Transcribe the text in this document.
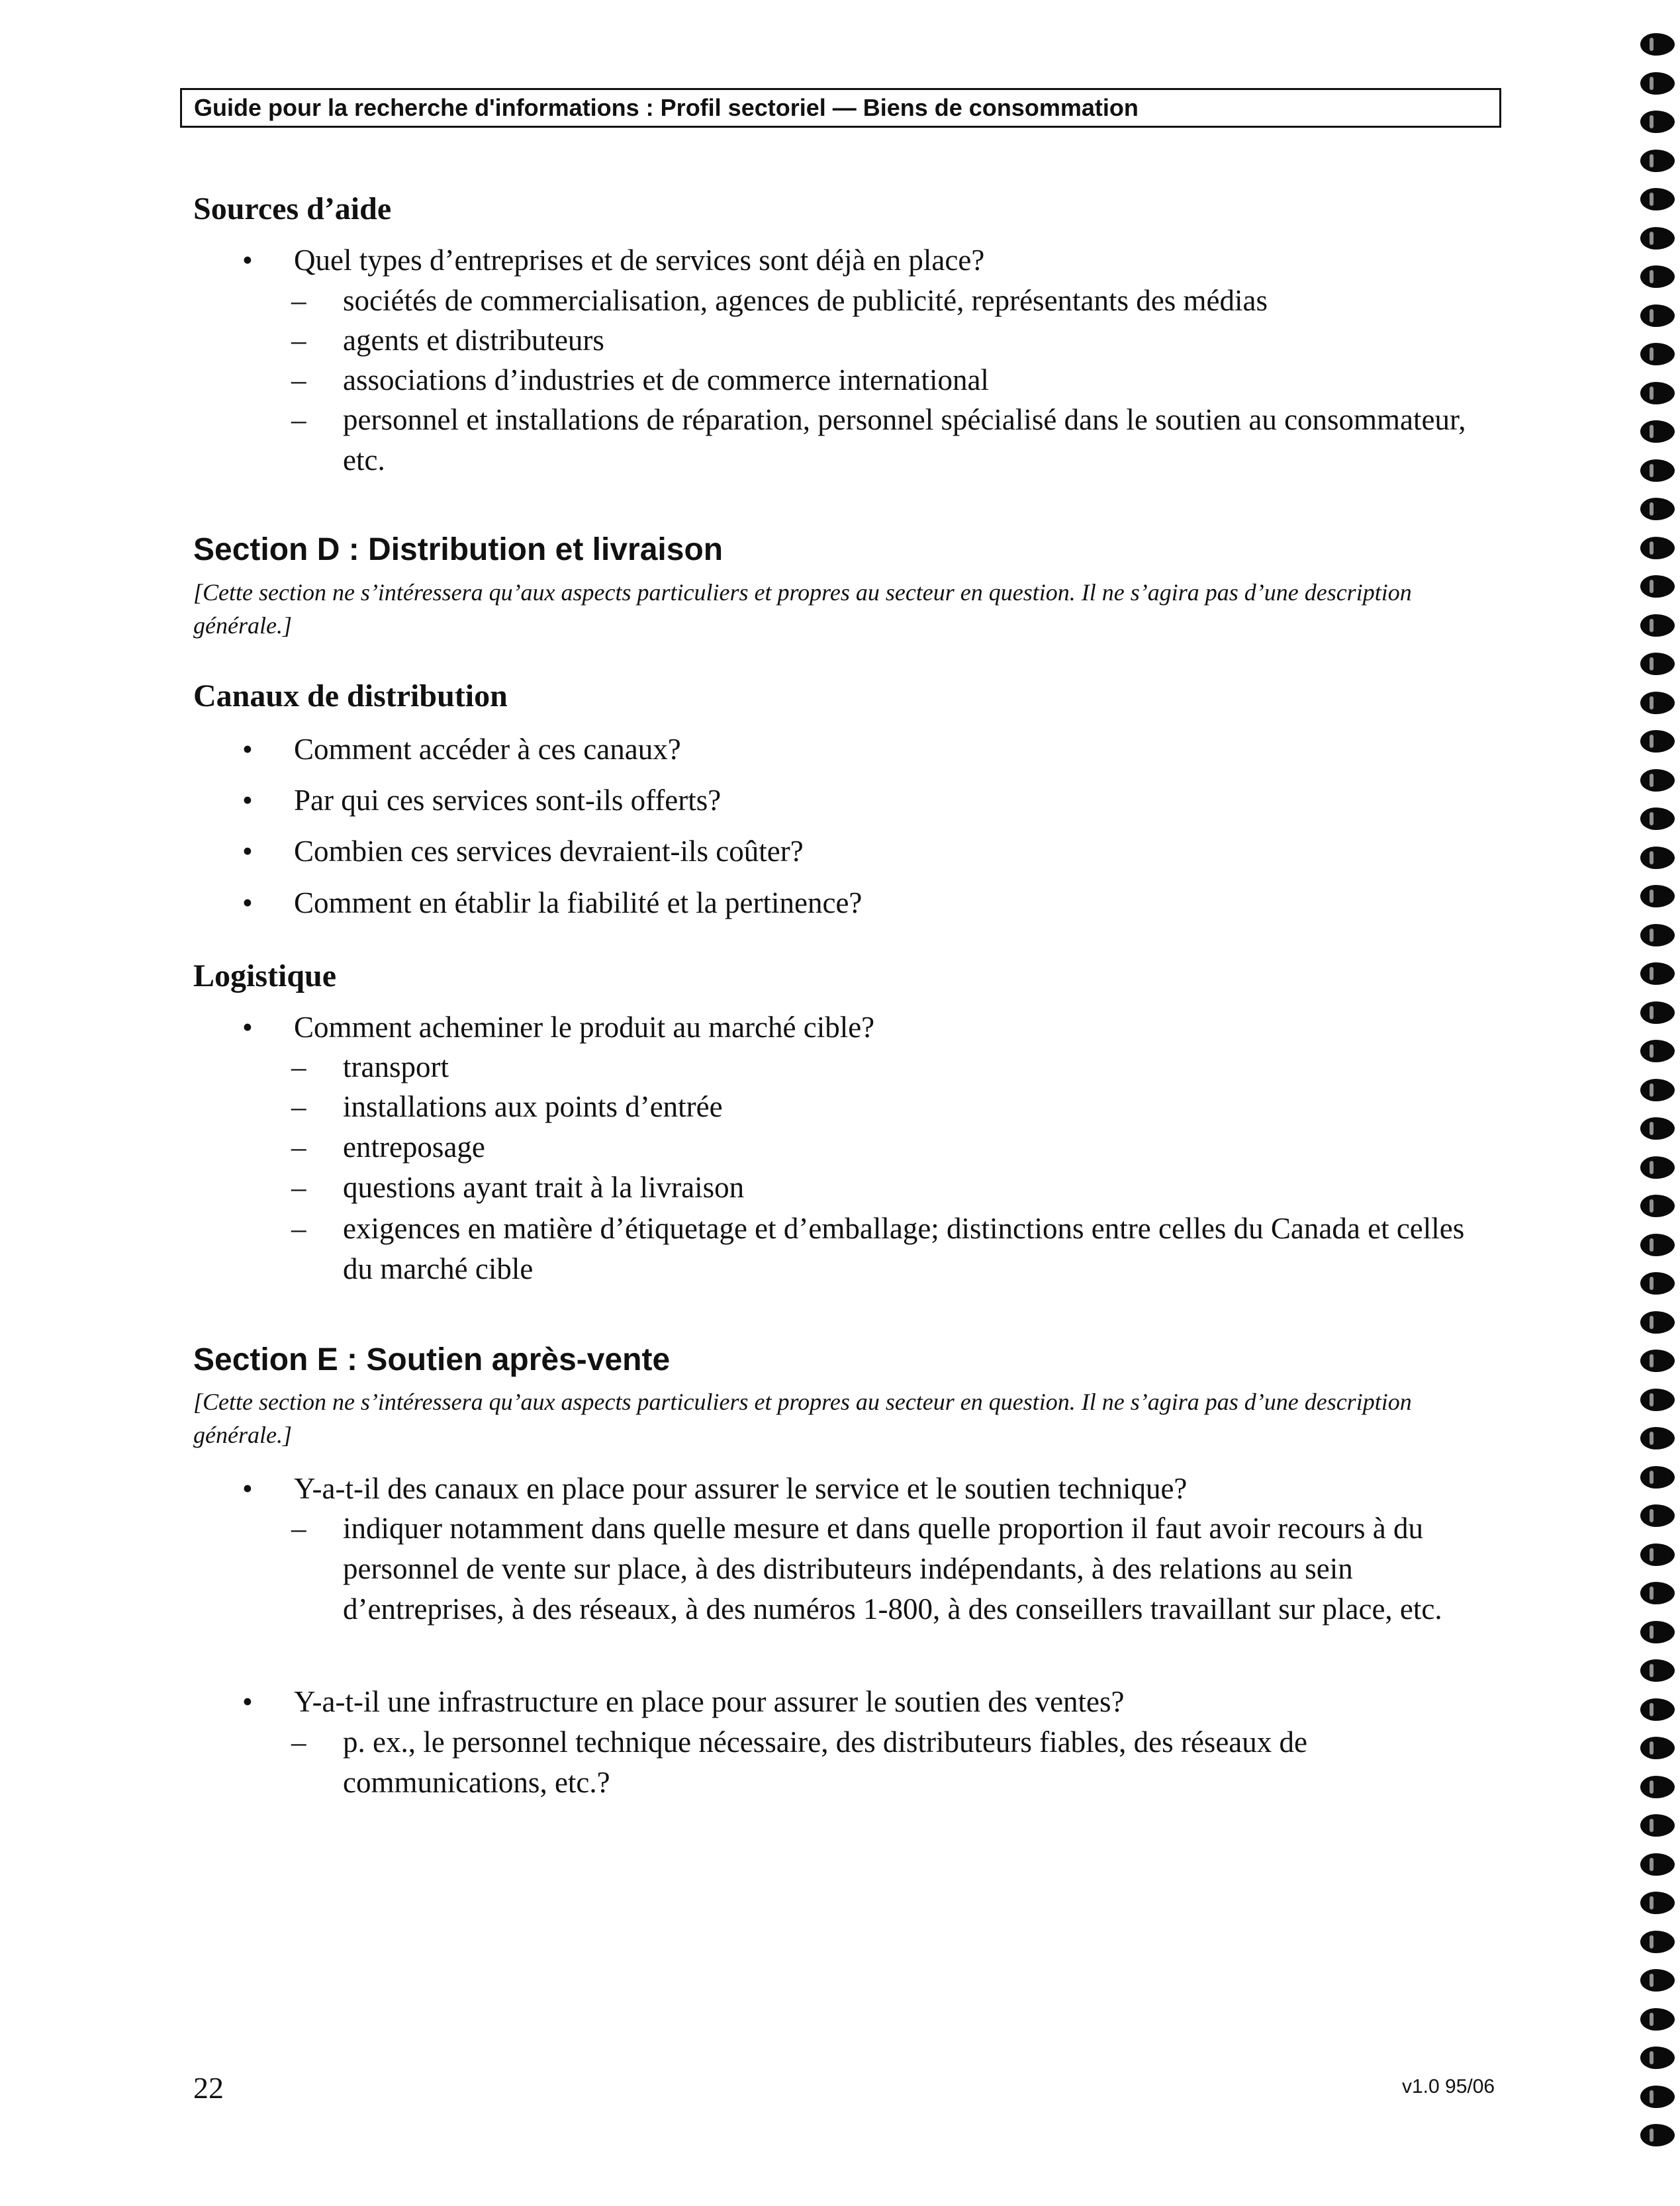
Guide pour la recherche d'informations : Profil sectoriel — Biens de consommation
Sources d’aide
•	Quel types d’entreprises et de services sont déjà en place?
– sociétés de commercialisation, agences de publicité, représentants des médias
– agents et distributeurs
– associations d’industries et de commerce international
– personnel et installations de réparation, personnel spécialisé dans le soutien au consommateur, etc.
Section D : Distribution et livraison
[Cette section ne s’intéressera qu’aux aspects particuliers et propres au secteur en question. Il ne s’agira pas d’une description générale.]
Canaux de distribution
•	Comment accéder à ces canaux?
•	Par qui ces services sont-ils offerts?
•	Combien ces services devraient-ils coûter?
•	Comment en établir la fiabilité et la pertinence?
Logistique
•	Comment acheminer le produit au marché cible?
– transport
– installations aux points d’entrée
– entreposage
– questions ayant trait à la livraison
– exigences en matière d’étiquetage et d’emballage; distinctions entre celles du Canada et celles du marché cible
Section E : Soutien après-vente
[Cette section ne s’intéressera qu’aux aspects particuliers et propres au secteur en question. Il ne s’agira pas d’une description générale.]
•	Y-a-t-il des canaux en place pour assurer le service et le soutien technique?
– indiquer notamment dans quelle mesure et dans quelle proportion il faut avoir recours à du personnel de vente sur place, à des distributeurs indépendants, à des relations au sein d’entreprises, à des réseaux, à des numéros 1-800, à des conseillers travaillant sur place, etc.
•	Y-a-t-il une infrastructure en place pour assurer le soutien des ventes?
– p. ex., le personnel technique nécessaire, des distributeurs fiables, des réseaux de communications, etc.?
22	v1.0 95/06
